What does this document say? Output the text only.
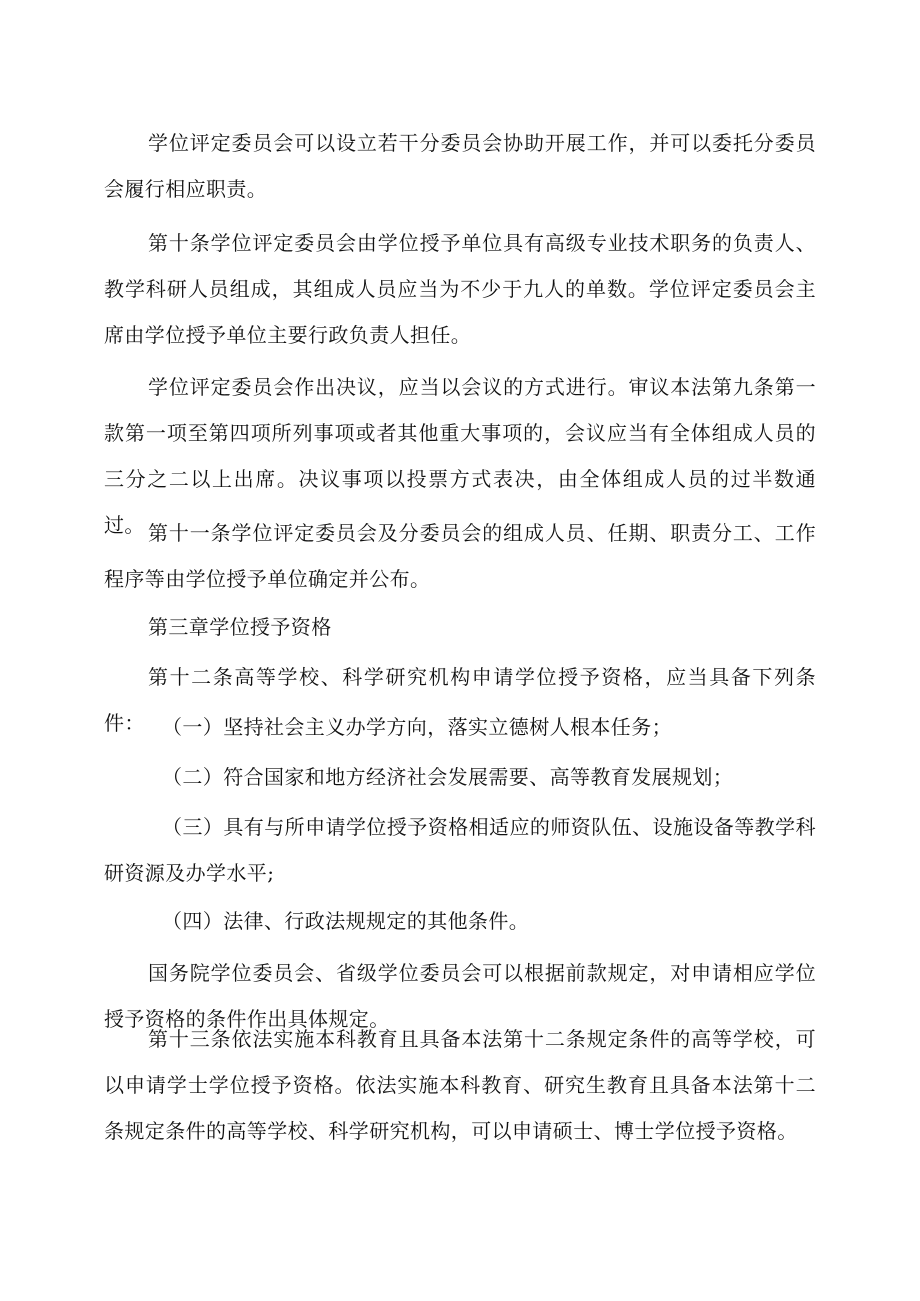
学位评定委员会可以设立若干分委员会协助开展工作，并可以委托分委员会履行相应职责。

第十条学位评定委员会由学位授予单位具有高级专业技术职务的负责人、教学科研人员组成，其组成人员应当为不少于九人的单数。学位评定委员会主席由学位授予单位主要行政负责人担任。

学位评定委员会作出决议，应当以会议的方式进行。审议本法第九条第一款第一项至第四项所列事项或者其他重大事项的，会议应当有全体组成人员的三分之二以上出席。决议事项以投票方式表决，由全体组成人员的过半数通过。 第十一条学位评定委员会及分委员会的组成人员、任期、职责分工、工作程序等由学位授予单位确定并公布。

第三章学位授予资格

第十二条高等学校、科学研究机构申请学位授予资格，应当具备下列条件： （一）坚持社会主义办学方向，落实立德树人根本任务；

（二）符合国家和地方经济社会发展需要、高等教育发展规划；

（三）具有与所申请学位授予资格相适应的师资队伍、设施设备等教学科研资源及办学水平;

（四）法律、行政法规规定的其他条件。

国务院学位委员会、省级学位委员会可以根据前款规定，对申请相应学位授予资格的条件作出具体规定。

第十三条依法实施本科教育且具备本法第十二条规定条件的高等学校，可以申请学士学位授予资格。依法实施本科教育、研究生教育且具备本法第十二条规定条件的高等学校、科学研究机构，可以申请硕士、博士学位授予资格。
